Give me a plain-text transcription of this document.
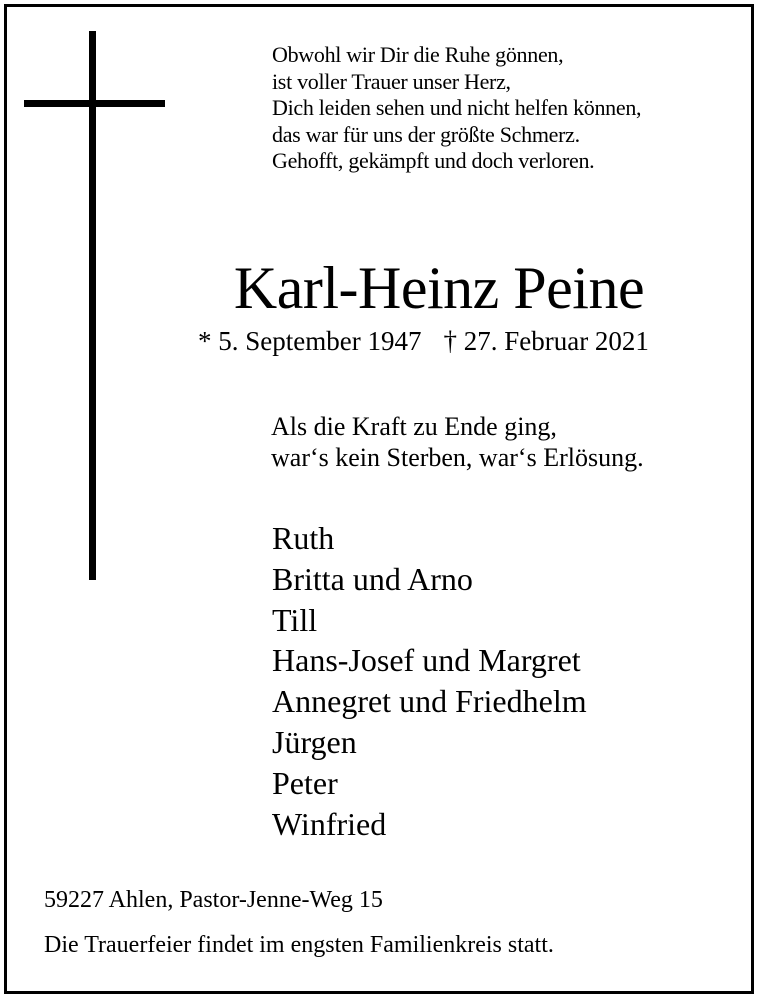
Obwohl wir Dir die Ruhe gönnen,
ist voller Trauer unser Herz,
Dich leiden sehen und nicht helfen können,
das war für uns der größte Schmerz.
Gehofft, gekämpft und doch verloren.
Karl-Heinz Peine
* 5. September 1947 † 27. Februar 2021
Als die Kraft zu Ende ging,
war‘s kein Sterben, war‘s Erlösung.
Ruth
Britta und Arno
Till
Hans-Josef und Margret
Annegret und Friedhelm
Jürgen
Peter
Winfried
59227 Ahlen, Pastor-Jenne-Weg 15
Die Trauerfeier findet im engsten Familienkreis statt.
